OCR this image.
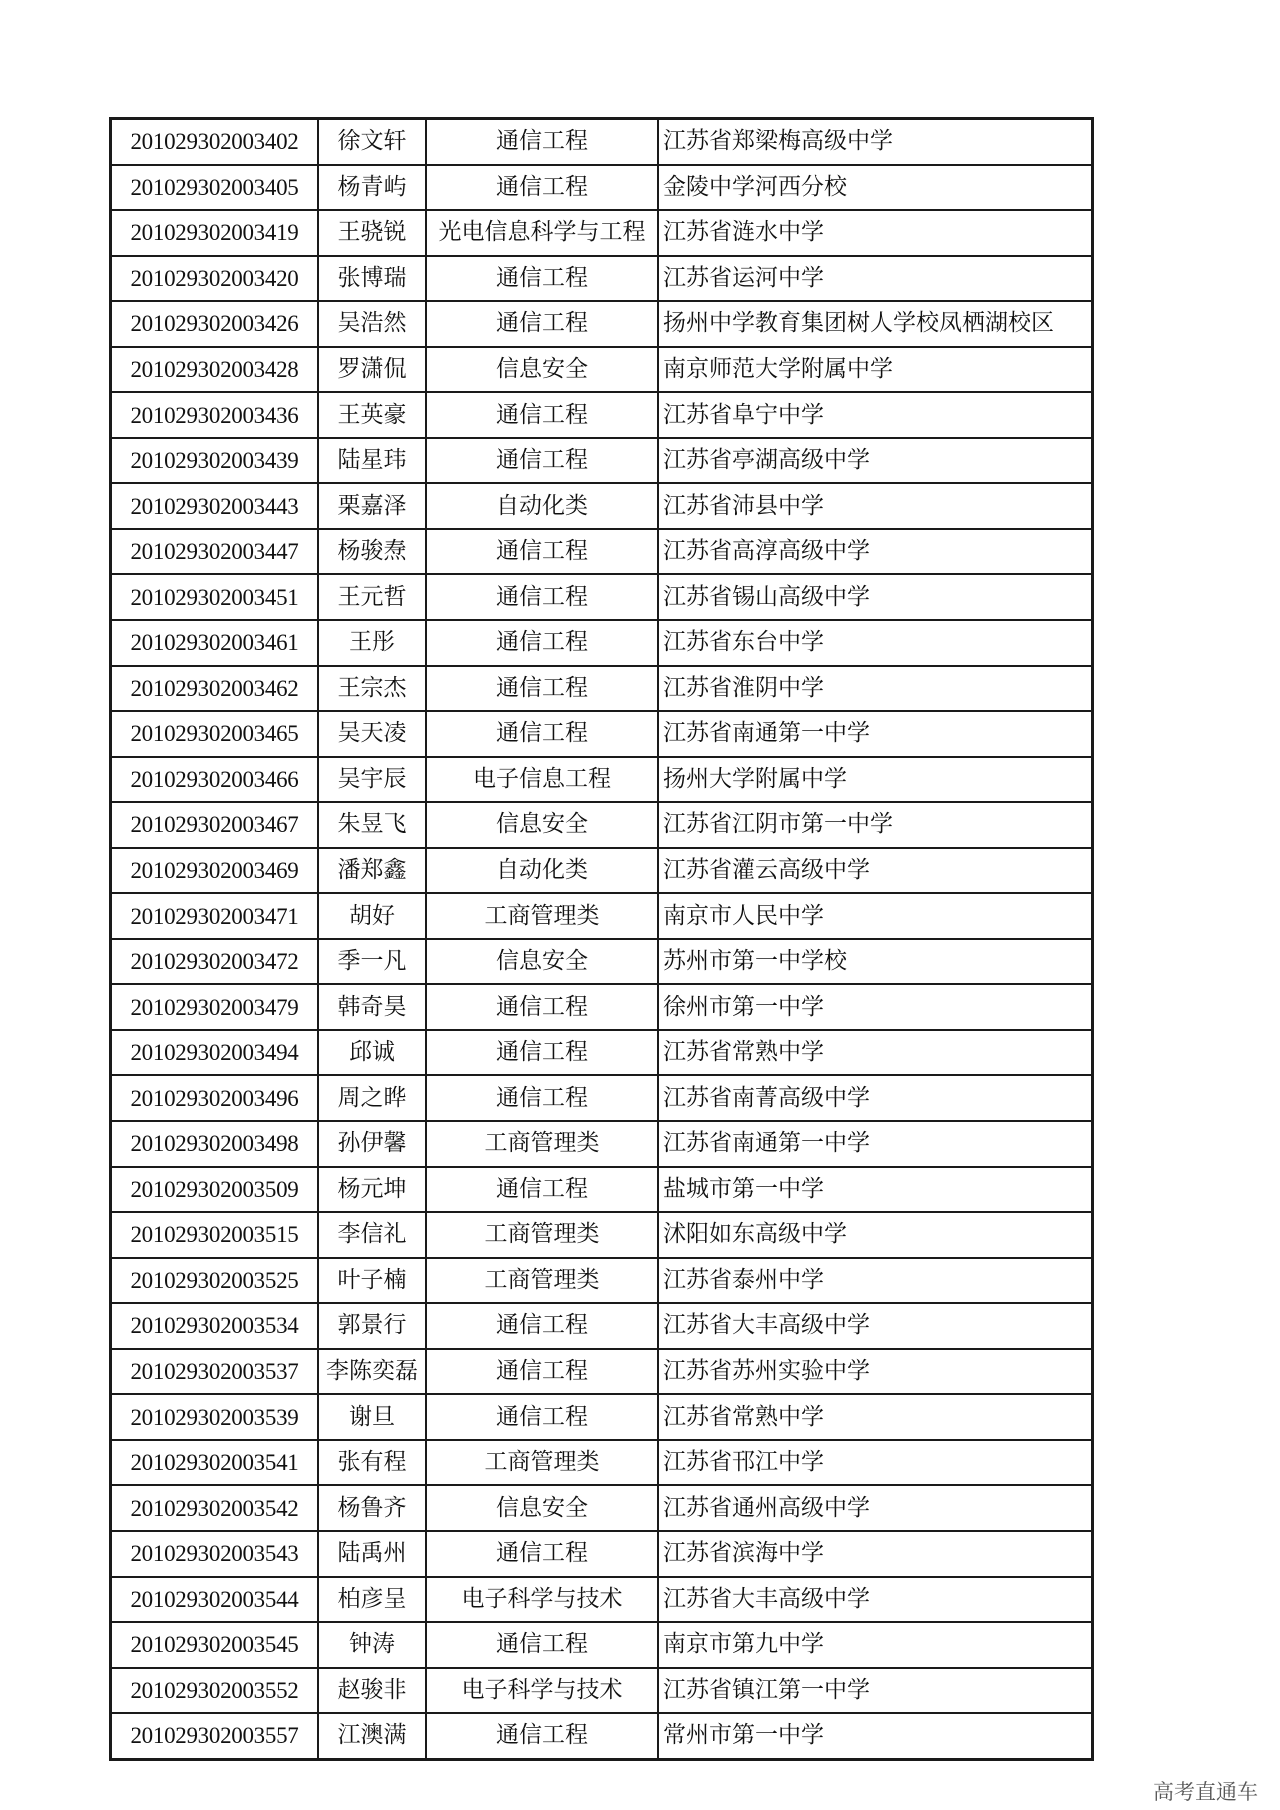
201029302003402	徐文轩	通信工程	江苏省郑梁梅高级中学
201029302003405	杨青屿	通信工程	金陵中学河西分校
201029302003419	王骁锐	光电信息科学与工程	江苏省涟水中学
201029302003420	张博瑞	通信工程	江苏省运河中学
201029302003426	吴浩然	通信工程	扬州中学教育集团树人学校凤栖湖校区
201029302003428	罗潇侃	信息安全	南京师范大学附属中学
201029302003436	王英豪	通信工程	江苏省阜宁中学
201029302003439	陆星玮	通信工程	江苏省亭湖高级中学
201029302003443	栗嘉泽	自动化类	江苏省沛县中学
201029302003447	杨骏焘	通信工程	江苏省高淳高级中学
201029302003451	王元哲	通信工程	江苏省锡山高级中学
201029302003461	王彤	通信工程	江苏省东台中学
201029302003462	王宗杰	通信工程	江苏省淮阴中学
201029302003465	吴天凌	通信工程	江苏省南通第一中学
201029302003466	吴宇辰	电子信息工程	扬州大学附属中学
201029302003467	朱昱飞	信息安全	江苏省江阴市第一中学
201029302003469	潘郑鑫	自动化类	江苏省灌云高级中学
201029302003471	胡好	工商管理类	南京市人民中学
201029302003472	季一凡	信息安全	苏州市第一中学校
201029302003479	韩奇昊	通信工程	徐州市第一中学
201029302003494	邱诚	通信工程	江苏省常熟中学
201029302003496	周之晔	通信工程	江苏省南菁高级中学
201029302003498	孙伊馨	工商管理类	江苏省南通第一中学
201029302003509	杨元坤	通信工程	盐城市第一中学
201029302003515	李信礼	工商管理类	沭阳如东高级中学
201029302003525	叶子楠	工商管理类	江苏省泰州中学
201029302003534	郭景行	通信工程	江苏省大丰高级中学
201029302003537	李陈奕磊	通信工程	江苏省苏州实验中学
201029302003539	谢旦	通信工程	江苏省常熟中学
201029302003541	张有程	工商管理类	江苏省邗江中学
201029302003542	杨鲁齐	信息安全	江苏省通州高级中学
201029302003543	陆禹州	通信工程	江苏省滨海中学
201029302003544	柏彦呈	电子科学与技术	江苏省大丰高级中学
201029302003545	钟涛	通信工程	南京市第九中学
201029302003552	赵骏非	电子科学与技术	江苏省镇江第一中学
201029302003557	江澳满	通信工程	常州市第一中学
高考直通车
